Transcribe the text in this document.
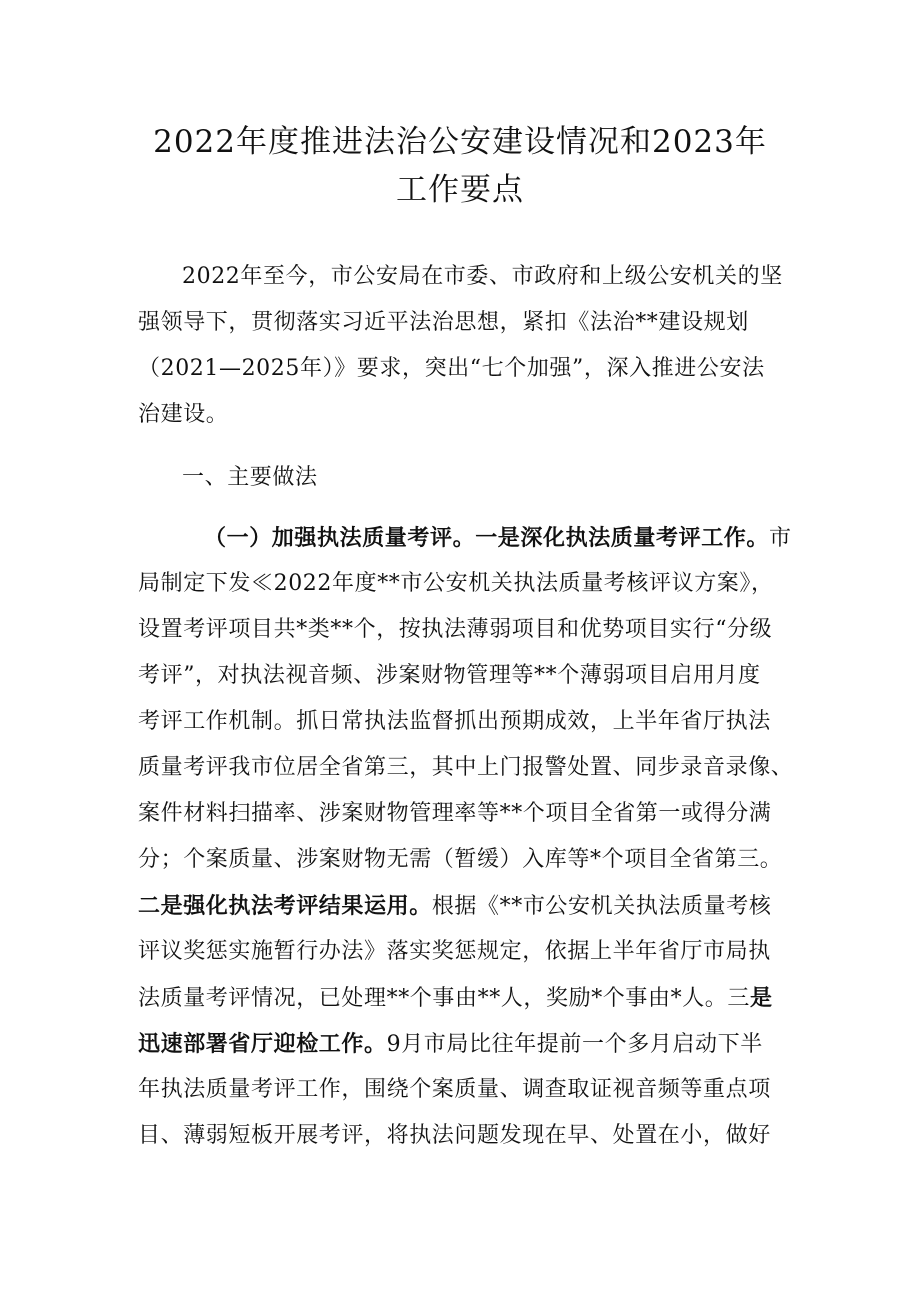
2022年度推进法治公安建设情况和2023年
工作要点
2022年至今，市公安局在市委、市政府和上级公安机关的坚
强领导下，贯彻落实习近平法治思想，紧扣《法治**建设规划
（2021—2025年）》要求，突出“七个加强”，深入推进公安法
治建设。
一、主要做法
（一）加强执法质量考评。一是深化执法质量考评工作。市
局制定下发≪2022年度**市公安机关执法质量考核评议方案》，
设置考评项目共*类**个，按执法薄弱项目和优势项目实行“分级
考评”，对执法视音频、涉案财物管理等**个薄弱项目启用月度
考评工作机制。抓日常执法监督抓出预期成效，上半年省厅执法
质量考评我市位居全省第三，其中上门报警处置、同步录音录像、
案件材料扫描率、涉案财物管理率等**个项目全省第一或得分满
分；个案质量、涉案财物无需（暂缓）入库等*个项目全省第三。
二是强化执法考评结果运用。根据《**市公安机关执法质量考核
评议奖惩实施暂行办法》落实奖惩规定，依据上半年省厅市局执
法质量考评情况，已处理**个事由**人，奖励*个事由*人。三是
迅速部署省厅迎检工作。9月市局比往年提前一个多月启动下半
年执法质量考评工作，围绕个案质量、调查取证视音频等重点项
目、薄弱短板开展考评，将执法问题发现在早、处置在小，做好
